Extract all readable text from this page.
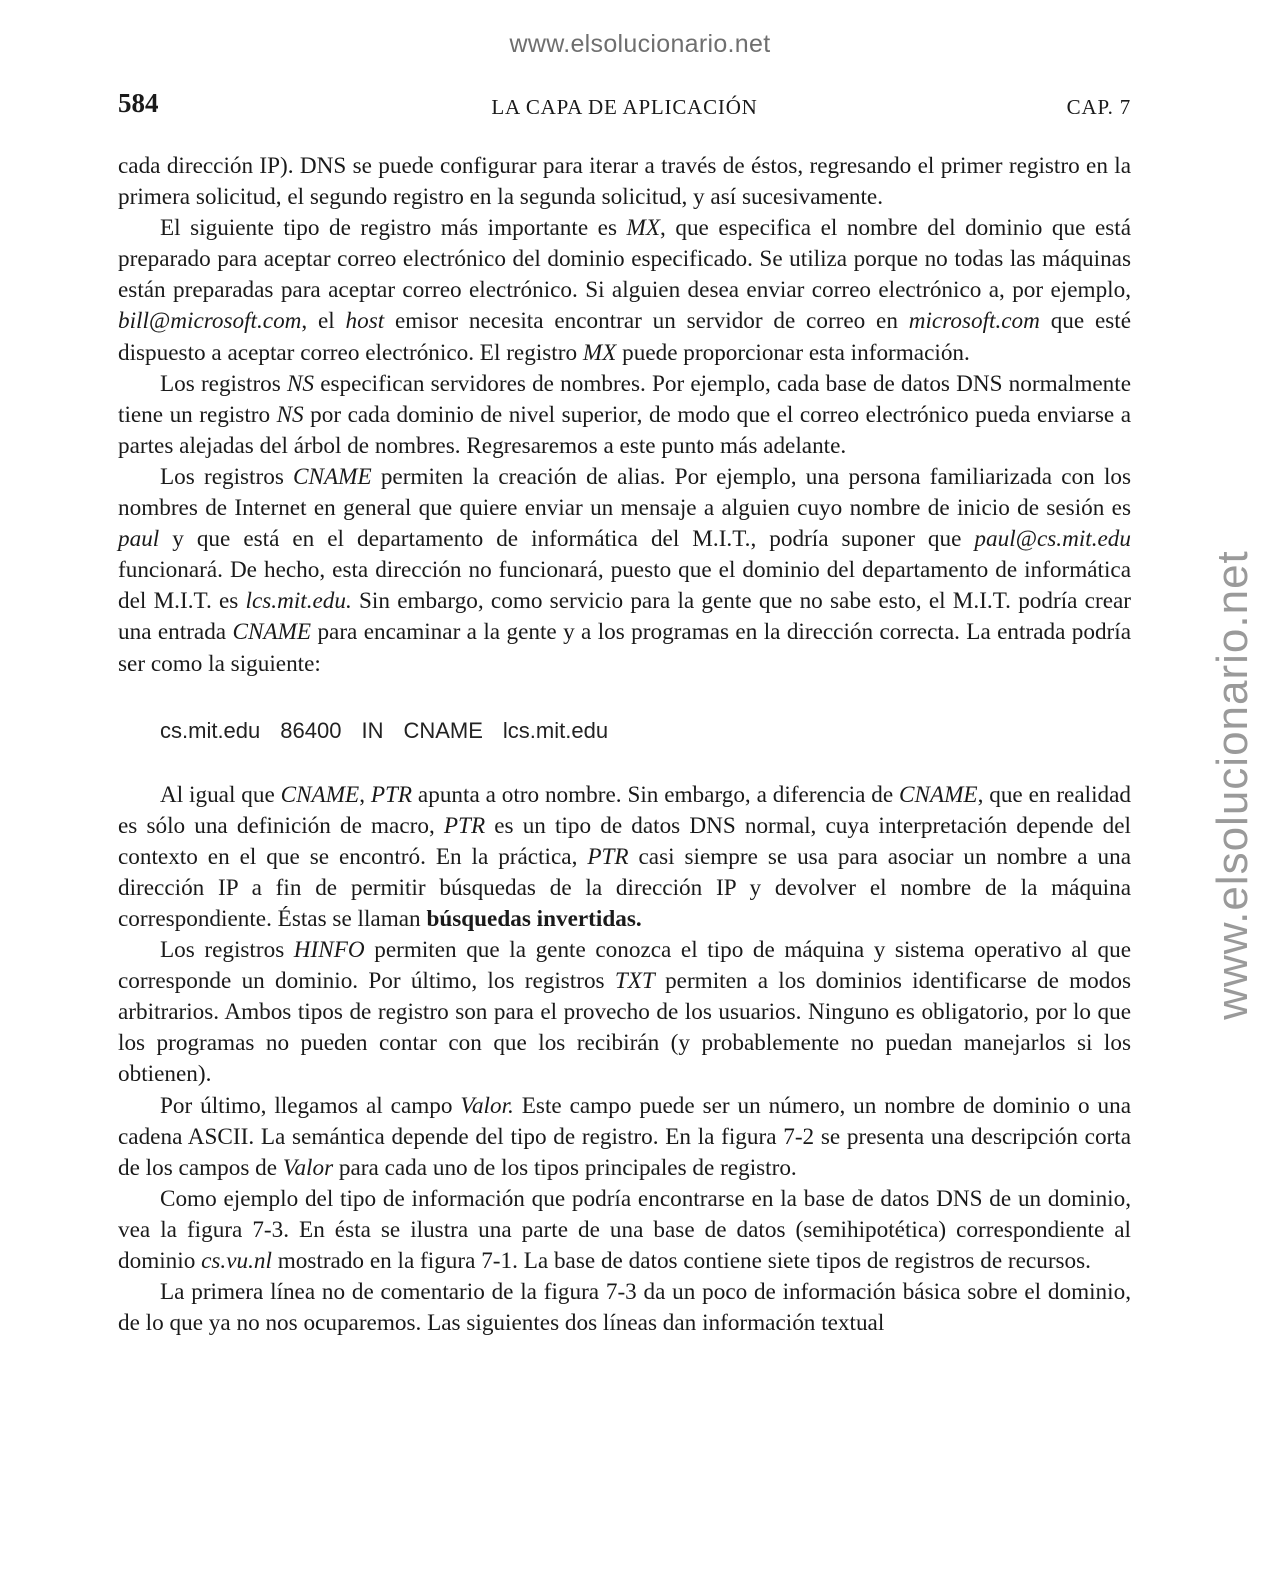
www.elsolucionario.net
www.elsolucionario.net
584	LA CAPA DE APLICACIÓN	CAP. 7

cada dirección IP). DNS se puede configurar para iterar a través de éstos, regresando el primer registro en la primera solicitud, el segundo registro en la segunda solicitud, y así sucesivamente.

El siguiente tipo de registro más importante es MX, que especifica el nombre del dominio que está preparado para aceptar correo electrónico del dominio especificado. Se utiliza porque no todas las máquinas están preparadas para aceptar correo electrónico. Si alguien desea enviar correo electrónico a, por ejemplo, bill@microsoft.com, el host emisor necesita encontrar un servidor de correo en microsoft.com que esté dispuesto a aceptar correo electrónico. El registro MX puede proporcionar esta información.

Los registros NS especifican servidores de nombres. Por ejemplo, cada base de datos DNS normalmente tiene un registro NS por cada dominio de nivel superior, de modo que el correo electrónico pueda enviarse a partes alejadas del árbol de nombres. Regresaremos a este punto más adelante.

Los registros CNAME permiten la creación de alias. Por ejemplo, una persona familiarizada con los nombres de Internet en general que quiere enviar un mensaje a alguien cuyo nombre de inicio de sesión es paul y que está en el departamento de informática del M.I.T., podría suponer que paul@cs.mit.edu funcionará. De hecho, esta dirección no funcionará, puesto que el dominio del departamento de informática del M.I.T. es lcs.mit.edu. Sin embargo, como servicio para la gente que no sabe esto, el M.I.T. podría crear una entrada CNAME para encaminar a la gente y a los programas en la dirección correcta. La entrada podría ser como la siguiente:

cs.mit.edu 86400 IN CNAME lcs.mit.edu

Al igual que CNAME, PTR apunta a otro nombre. Sin embargo, a diferencia de CNAME, que en realidad es sólo una definición de macro, PTR es un tipo de datos DNS normal, cuya interpretación depende del contexto en el que se encontró. En la práctica, PTR casi siempre se usa para asociar un nombre a una dirección IP a fin de permitir búsquedas de la dirección IP y devolver el nombre de la máquina correspondiente. Éstas se llaman búsquedas invertidas.

Los registros HINFO permiten que la gente conozca el tipo de máquina y sistema operativo al que corresponde un dominio. Por último, los registros TXT permiten a los dominios identificarse de modos arbitrarios. Ambos tipos de registro son para el provecho de los usuarios. Ninguno es obligatorio, por lo que los programas no pueden contar con que los recibirán (y probablemente no puedan manejarlos si los obtienen).

Por último, llegamos al campo Valor. Este campo puede ser un número, un nombre de dominio o una cadena ASCII. La semántica depende del tipo de registro. En la figura 7-2 se presenta una descripción corta de los campos de Valor para cada uno de los tipos principales de registro.

Como ejemplo del tipo de información que podría encontrarse en la base de datos DNS de un dominio, vea la figura 7-3. En ésta se ilustra una parte de una base de datos (semihipotética) correspondiente al dominio cs.vu.nl mostrado en la figura 7-1. La base de datos contiene siete tipos de registros de recursos.

La primera línea no de comentario de la figura 7-3 da un poco de información básica sobre el dominio, de lo que ya no nos ocuparemos. Las siguientes dos líneas dan información textual
